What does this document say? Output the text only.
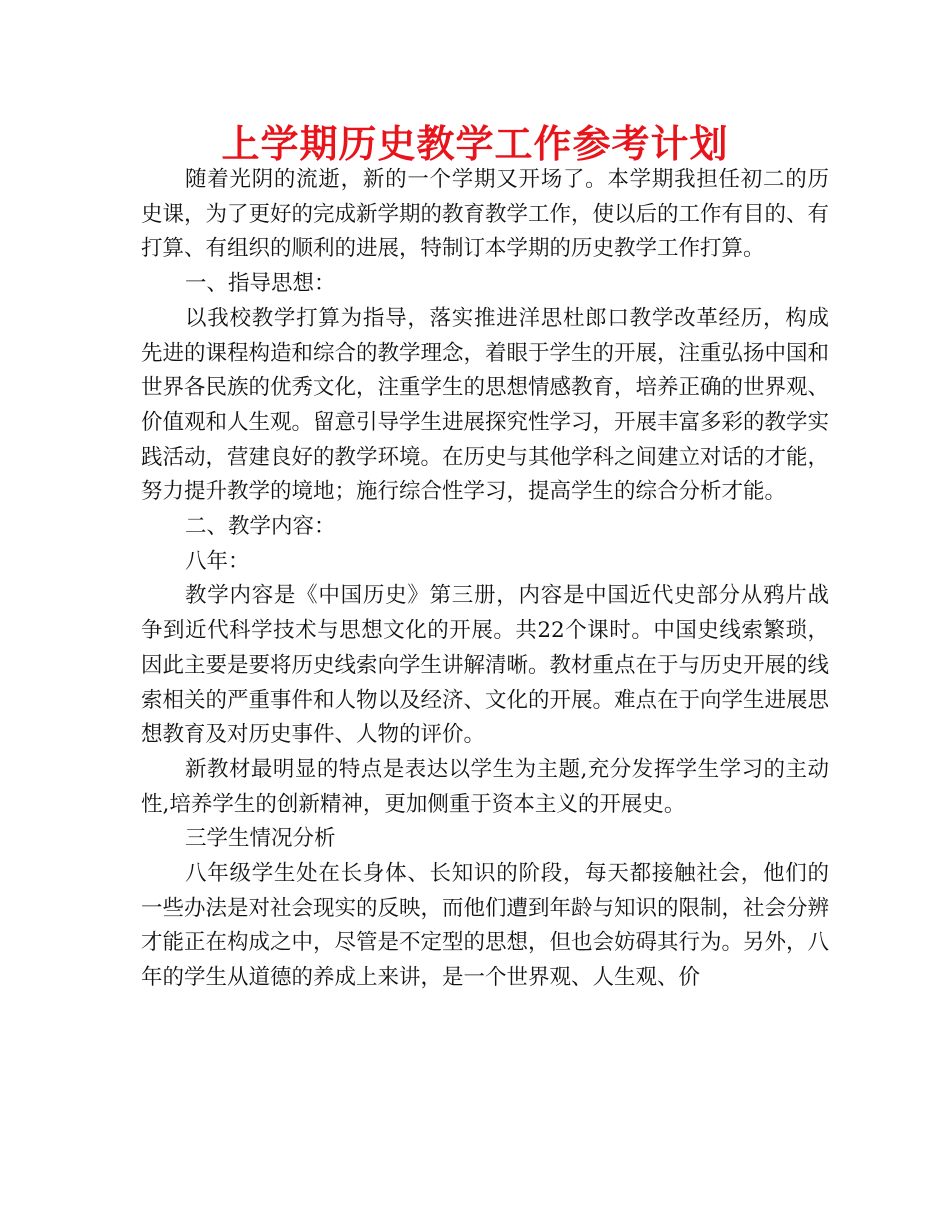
上学期历史教学工作参考计划

随着光阴的流逝，新的一个学期又开场了。本学期我担任初二的历史课，为了更好的完成新学期的教育教学工作，使以后的工作有目的、有打算、有组织的顺利的进展，特制订本学期的历史教学工作打算。

一、指导思想：

以我校教学打算为指导，落实推进洋思杜郎口教学改革经历，构成先进的课程构造和综合的教学理念，着眼于学生的开展，注重弘扬中国和世界各民族的优秀文化，注重学生的思想情感教育，培养正确的世界观、价值观和人生观。留意引导学生进展探究性学习，开展丰富多彩的教学实践活动，营建良好的教学环境。在历史与其他学科之间建立对话的才能，努力提升教学的境地；施行综合性学习，提高学生的综合分析才能。

二、教学内容：

八年：

教学内容是《中国历史》第三册，内容是中国近代史部分从鸦片战争到近代科学技术与思想文化的开展。共22个课时。中国史线索繁琐，因此主要是要将历史线索向学生讲解清晰。教材重点在于与历史开展的线索相关的严重事件和人物以及经济、文化的开展。难点在于向学生进展思想教育及对历史事件、人物的评价。

新教材最明显的特点是表达以学生为主题,充分发挥学生学习的主动性,培养学生的创新精神，更加侧重于资本主义的开展史。

三学生情况分析

八年级学生处在长身体、长知识的阶段，每天都接触社会，他们的一些办法是对社会现实的反映，而他们遭到年龄与知识的限制，社会分辨才能正在构成之中，尽管是不定型的思想，但也会妨碍其行为。另外，八年的学生从道德的养成上来讲，是一个世界观、人生观、价
